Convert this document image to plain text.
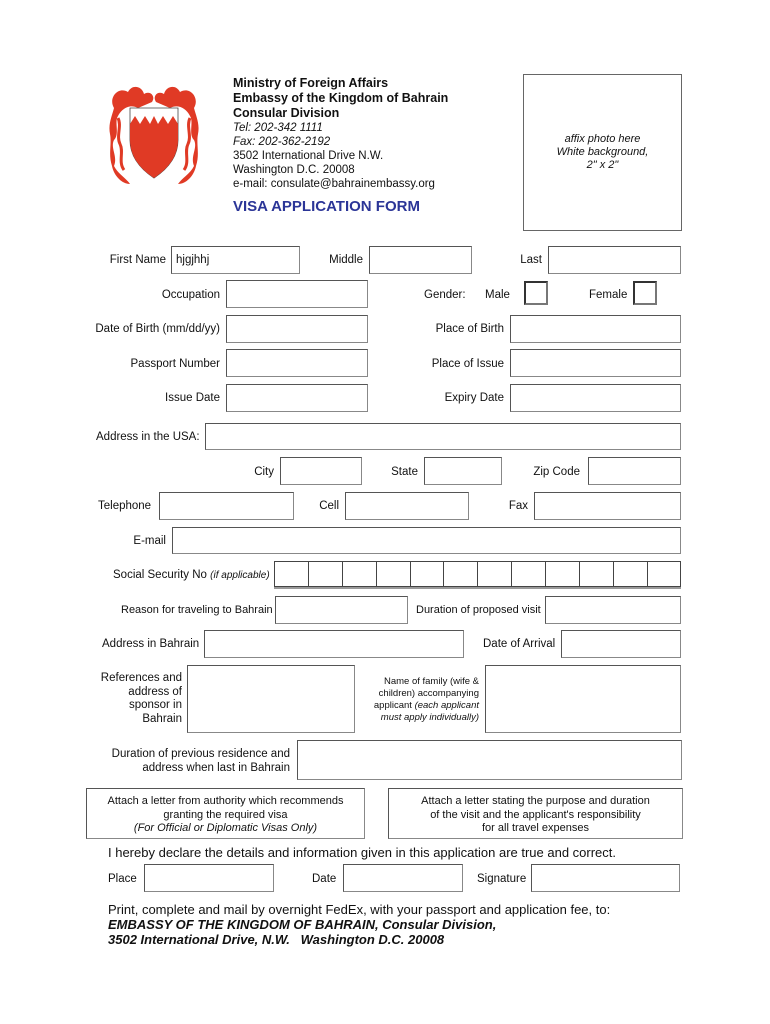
Ministry of Foreign Affairs
Embassy of the Kingdom of Bahrain
Consular Division
Tel: 202-342 1111
Fax: 202-362-2192
3502 International Drive N.W.
Washington D.C. 20008
e-mail: consulate@bahrainembassy.org
VISA APPLICATION FORM
affix photo here
White background,
2" x 2"
First Name hjgjhhj	Middle	Last
Occupation	Gender: Male	Female
Date of Birth (mm/dd/yy)	Place of Birth
Passport Number	Place of Issue
Issue Date	Expiry Date
Address in the USA:
City	State	Zip Code
Telephone	Cell	Fax
E-mail
Social Security No (if applicable)
Reason for traveling to Bahrain	Duration of proposed visit
Address in Bahrain	Date of Arrival
References and
address of
sponsor in
Bahrain
Name of family (wife &
children) accompanying
applicant (each applicant
must apply individually)
Duration of previous residence and
address when last in Bahrain
Attach a letter from authority which recommends
granting the required visa
(For Official or Diplomatic Visas Only)
Attach a letter stating the purpose and duration
of the visit and the applicant's responsibility
for all travel expenses
I hereby declare the details and information given in this application are true and correct.
Place	Date	Signature
Print, complete and mail by overnight FedEx, with your passport and application fee, to:
EMBASSY OF THE KINGDOM OF BAHRAIN, Consular Division,
3502 International Drive, N.W.   Washington D.C. 20008
